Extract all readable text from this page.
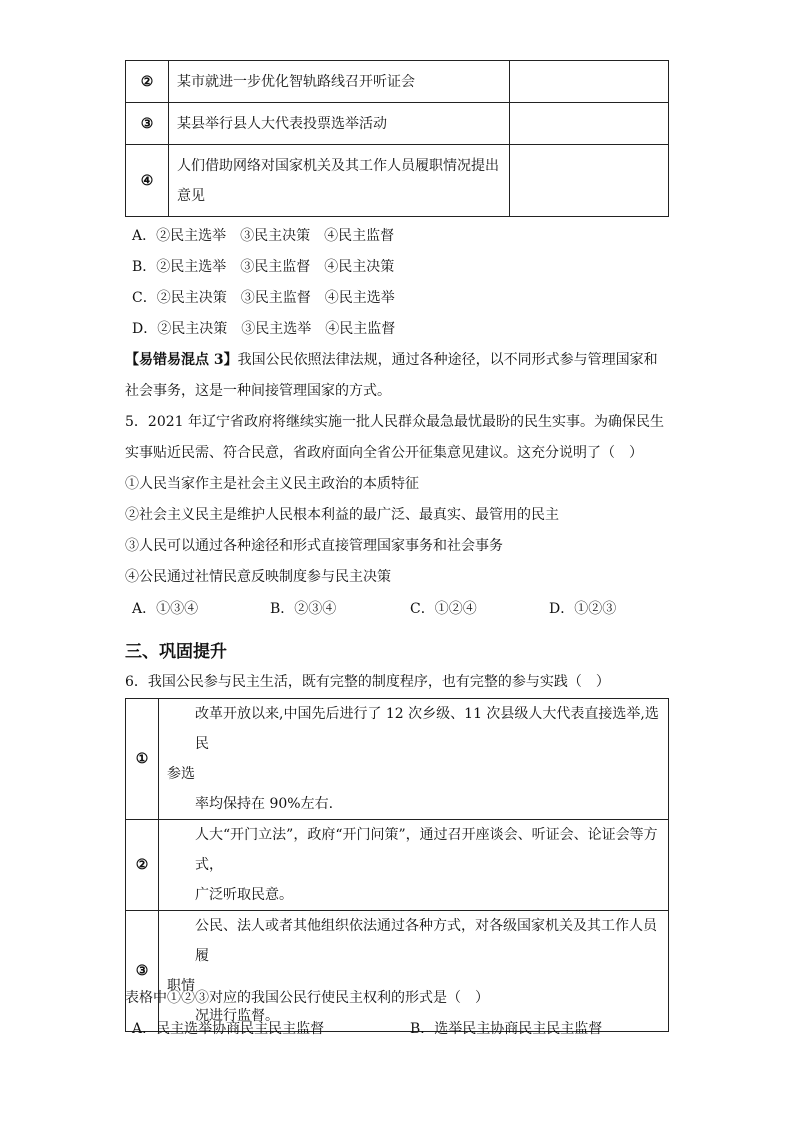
②	某市就进一步优化智轨路线召开听证会	
③	某县举行县人大代表投票选举活动	
④	人们借助网络对国家机关及其工作人员履职情况提出
意见	

A．②民主选举　③民主决策　④民主监督
B．②民主选举　③民主监督　④民主决策
C．②民主决策　③民主监督　④民主选举
D．②民主决策　③民主选举　④民主监督
【易错易混点 3】我国公民依照法律法规，通过各种途径，以不同形式参与管理国家和
社会事务，这是一种间接管理国家的方式。
5．2021 年辽宁省政府将继续实施一批人民群众最急最忧最盼的民生实事。为确保民生
实事贴近民需、符合民意，省政府面向全省公开征集意见建议。这充分说明了（　）
①人民当家作主是社会主义民主政治的本质特征
②社会主义民主是维护人民根本利益的最广泛、最真实、最管用的民主
③人民可以通过各种途径和形式直接管理国家事务和社会事务
④公民通过社情民意反映制度参与民主决策
A．①③④	B．②③④	C．①②④	D．①②③
三、巩固提升
6．我国公民参与民主生活，既有完整的制度程序，也有完整的参与实践（　）
①	改革开放以来,中国先后进行了 12 次乡级、11 次县级人大代表直接选举,选民
参选
率均保持在 90%左右.

②	人大“开门立法”，政府“开门问策”，通过召开座谈会、听证会、论证会等方式，
广泛听取民意。

③	公民、法人或者其他组织依法通过各种方式，对各级国家机关及其工作人员履
职情
况进行监督。
表格中①②③对应的我国公民行使民主权利的形式是（　）
A．民主选举协商民主民主监督	B．选举民主协商民主民主监督
